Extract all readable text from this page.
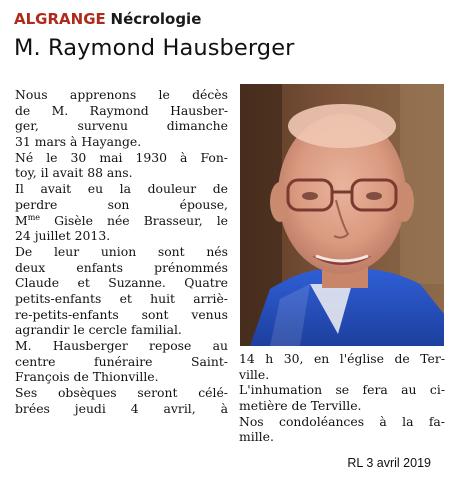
ALGRANGE Nécrologie
M. Raymond Hausberger
Nous apprenons le décès
de M. Raymond Hausber-
ger, survenu dimanche
31 mars à Hayange.
Né le 30 mai 1930 à Fon-
toy, il avait 88 ans.
Il avait eu la douleur de
perdre son épouse,
$M^{me}$ Gisèle née Brasseur, le
24 juillet 2013.
De leur union sont nés
deux enfants prénommés
Claude et Suzanne. Quatre
petits-enfants et huit arriè-
re-petits-enfants sont venus
agrandir le cercle familial.
M. Hausberger repose au
centre funéraire Saint-
François de Thionville.
Ses obsèques seront célé-
brées jeudi 4 avril, à
14 h 30, en l'église de Ter-
ville.
L'inhumation se fera au ci-
metière de Terville.
Nos condoléances à la fa-
mille.
RL 3 avril 2019
